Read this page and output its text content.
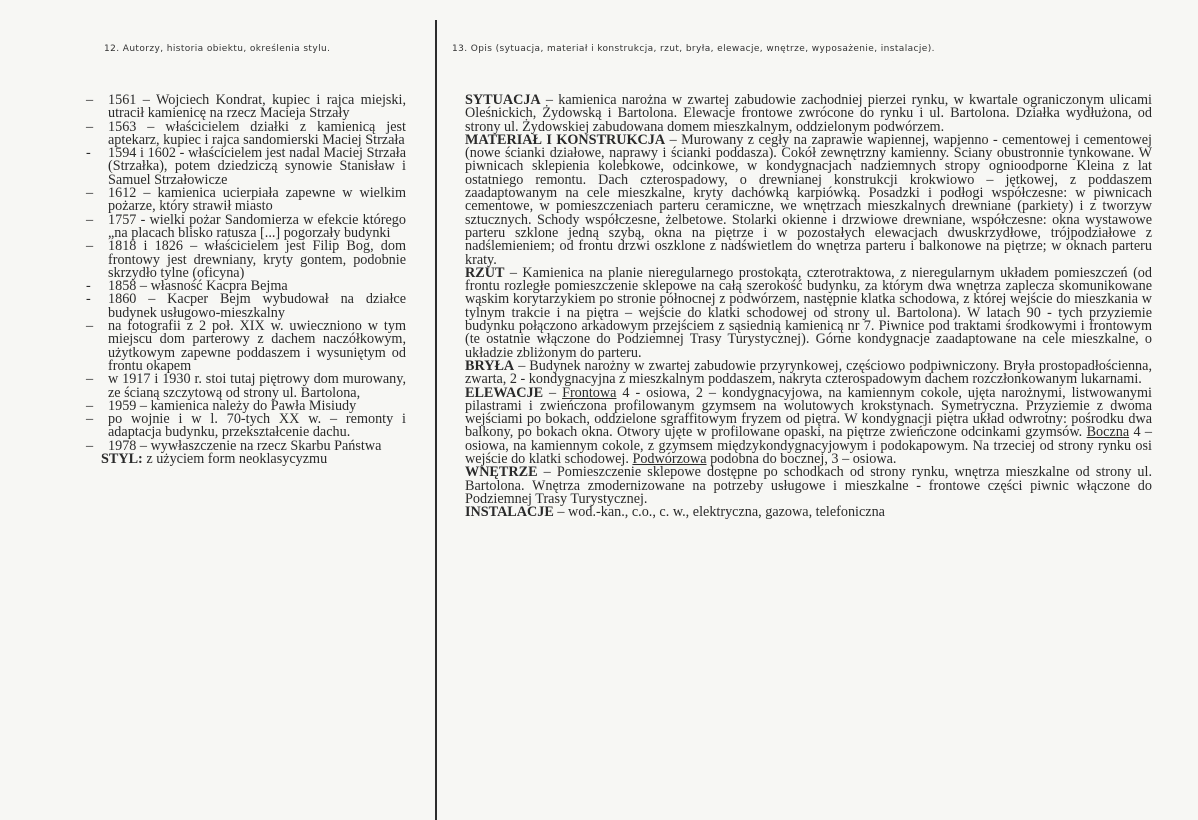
12. Autorzy, historia obiektu, określenia stylu.	13. Opis (sytuacja, materiał i konstrukcja, rzut, bryła, elewacje, wnętrze, wyposażenie, instalacje).
–	1561 – Wojciech Kondrat, kupiec i rajca miejski, utracił kamienicę na rzecz Macieja Strzały
–	1563 – właścicielem działki z kamienicą jest aptekarz, kupiec i rajca sandomierski Maciej Strzała
-	1594 i 1602 - właścicielem jest nadal Maciej Strzała (Strzałka), potem dziedziczą synowie Stanisław i Samuel Strzałowicze
–	1612 – kamienica ucierpiała zapewne w wielkim pożarze, który strawił miasto
–	1757 - wielki pożar Sandomierza w efekcie którego „na placach blisko ratusza [...] pogorzały budynki
–	1818 i 1826 – właścicielem jest Filip Bog, dom frontowy jest drewniany, kryty gontem, podobnie skrzydło tylne (oficyna)
-	1858 – własność Kacpra Bejma
-	1860 – Kacper Bejm wybudował na działce budynek usługowo-mieszkalny
–	na fotografii z 2 poł. XIX w. uwieczniono w tym miejscu dom parterowy z dachem naczółkowym, użytkowym zapewne poddaszem i wysuniętym od frontu okapem
–	w 1917 i 1930 r. stoi tutaj piętrowy dom murowany, ze ścianą szczytową od strony ul. Bartolona,
–	1959 – kamienica należy do Pawła Misiudy
–	po wojnie i w l. 70-tych XX w. – remonty i adaptacja budynku, przekształcenie dachu.
–	1978 – wywłaszczenie na rzecz Skarbu Państwa
STYL: z użyciem form neoklasycyzmu

SYTUACJA – kamienica narożna w zwartej zabudowie zachodniej pierzei rynku, w kwartale ograniczonym ulicami Oleśnickich, Żydowską i Bartolona. Elewacje frontowe zwrócone do rynku i ul. Bartolona. Działka wydłużona, od strony ul. Żydowskiej zabudowana domem mieszkalnym, oddzielonym podwórzem.

MATERIAŁ I KONSTRUKCJA – Murowany z cegły na zaprawie wapiennej, wapienno - cementowej i cementowej (nowe ścianki działowe, naprawy i ścianki poddasza). Cokół zewnętrzny kamienny. Ściany obustronnie tynkowane. W piwnicach sklepienia kolebkowe, odcinkowe, w kondygnacjach nadziemnych stropy ognioodporne Kleina z lat ostatniego remontu. Dach czterospadowy, o drewnianej konstrukcji krokwiowo – jętkowej, z poddaszem zaadaptowanym na cele mieszkalne, kryty dachówką karpiówką. Posadzki i podłogi współczesne: w piwnicach cementowe, w pomieszczeniach parteru ceramiczne, we wnętrzach mieszkalnych drewniane (parkiety) i z tworzyw sztucznych. Schody współczesne, żelbetowe. Stolarki okienne i drzwiowe drewniane, współczesne: okna wystawowe parteru szklone jedną szybą, okna na piętrze i w pozostałych elewacjach dwuskrzydłowe, trójpodziałowe z nadślemieniem; od frontu drzwi oszklone z nadświetlem do wnętrza parteru i balkonowe na piętrze; w oknach parteru kraty.

RZUT – Kamienica na planie nieregularnego prostokąta, czterotraktowa, z nieregularnym układem pomieszczeń (od frontu rozległe pomieszczenie sklepowe na całą szerokość budynku, za którym dwa wnętrza zaplecza skomunikowane wąskim korytarzykiem po stronie północnej z podwórzem, następnie klatka schodowa, z której wejście do mieszkania w tylnym trakcie i na piętra – wejście do klatki schodowej od strony ul. Bartolona). W latach 90 - tych przyziemie budynku połączono arkadowym przejściem z sąsiednią kamienicą nr 7. Piwnice pod traktami środkowymi i frontowym (te ostatnie włączone do Podziemnej Trasy Turystycznej). Górne kondygnacje zaadaptowane na cele mieszkalne, o układzie zbliżonym do parteru.

BRYŁA – Budynek narożny w zwartej zabudowie przyrynkowej, częściowo podpiwniczony. Bryła prostopadłościenna, zwarta, 2 - kondygnacyjna z mieszkalnym poddaszem, nakryta czterospadowym dachem rozczłonkowanym lukarnami.

ELEWACJE – Frontowa 4 - osiowa, 2 – kondygnacyjowa, na kamiennym cokole, ujęta narożnymi, listwowanymi pilastrami i zwieńczona profilowanym gzymsem na wolutowych krokstynach. Symetryczna. Przyziemie z dwoma wejściami po bokach, oddzielone sgraffitowym fryzem od piętra. W kondygnacji piętra układ odwrotny: pośrodku dwa balkony, po bokach okna. Otwory ujęte w profilowane opaski, na piętrze zwieńczone odcinkami gzymsów. Boczna 4 – osiowa, na kamiennym cokole, z gzymsem międzykondygnacyjowym i podokapowym. Na trzeciej od strony rynku osi wejście do klatki schodowej. Podwórzowa podobna do bocznej, 3 – osiowa.

WNĘTRZE – Pomieszczenie sklepowe dostępne po schodkach od strony rynku, wnętrza mieszkalne od strony ul. Bartolona. Wnętrza zmodernizowane na potrzeby usługowe i mieszkalne - frontowe części piwnic włączone do Podziemnej Trasy Turystycznej.

INSTALACJE – wod.-kan., c.o., c. w., elektryczna, gazowa, telefoniczna
